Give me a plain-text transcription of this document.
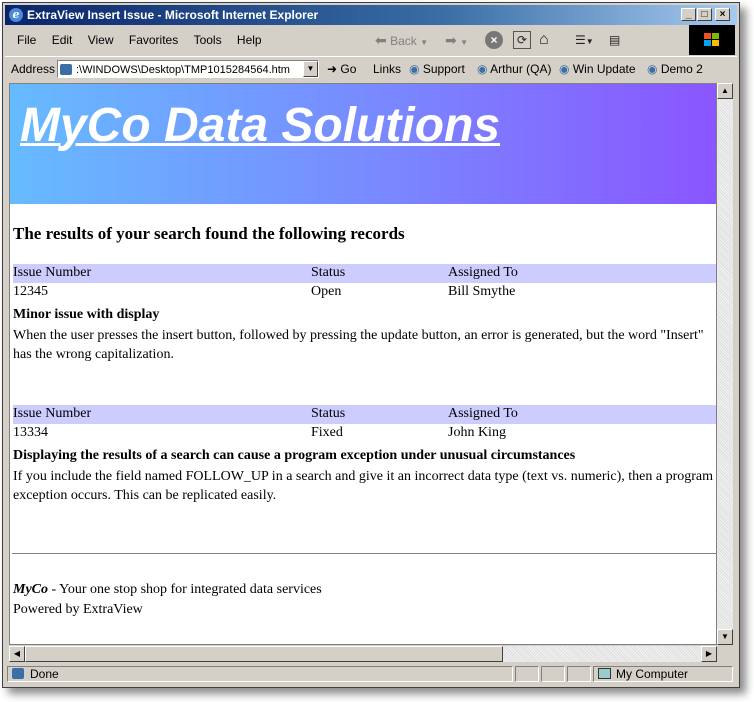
e ExtraView Insert Issue - Microsoft Internet Explorer	_	□	×
File Edit View Favorites Tools Help	⬅ Back ▼ ➡ ▼	×	⟳ ⌂ ☰▼ ▤
Address	:\WINDOWS\Desktop\TMP1015284564.htm	▼ ➜ Go Links ◉ Support ◉ Arthur (QA) ◉ Win Update ◉ Demo 2
MyCo Data Solutions
The results of your search found the following records
Issue Number	Status	Assigned To
12345	Open	Bill Smythe
Minor issue with display
When the user presses the insert button, followed by pressing the update button, an error is generated, but the word "Insert" has the wrong capitalization.
Issue Number	Status	Assigned To
13334	Fixed	John King
Displaying the results of a search can cause a program exception under unusual circumstances
If you include the field named FOLLOW_UP in a search and give it an incorrect data type (text vs. numeric), then a program exception occurs. This can be replicated easily.
MyCo - Your one stop shop for integrated data services
Powered by ExtraView
▲
▼
◀	▶
Done	My Computer
